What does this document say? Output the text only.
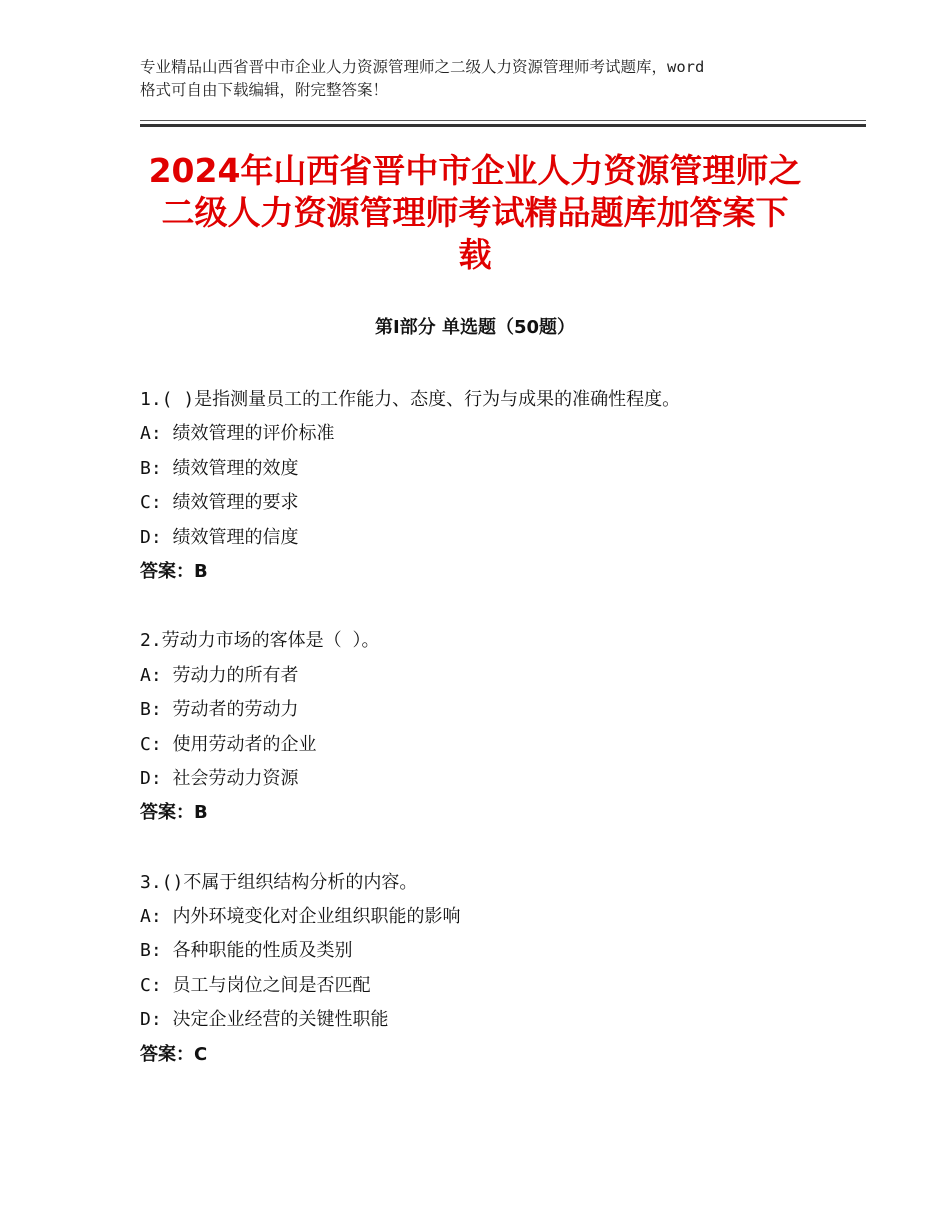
专业精品山西省晋中市企业人力资源管理师之二级人力资源管理师考试题库，word
格式可自由下载编辑，附完整答案！
2024年山西省晋中市企业人力资源管理师之
二级人力资源管理师考试精品题库加答案下
载
第Ⅰ部分 单选题（50题）
1.( )是指测量员工的工作能力、态度、行为与成果的准确性程度。
A: 绩效管理的评价标准
B: 绩效管理的效度
C: 绩效管理的要求
D: 绩效管理的信度
答案：B
2.劳动力市场的客体是（ ）。
A: 劳动力的所有者
B: 劳动者的劳动力
C: 使用劳动者的企业
D: 社会劳动力资源
答案：B
3.()不属于组织结构分析的内容。
A: 内外环境变化对企业组织职能的影响
B: 各种职能的性质及类别
C: 员工与岗位之间是否匹配
D: 决定企业经营的关键性职能
答案：C
